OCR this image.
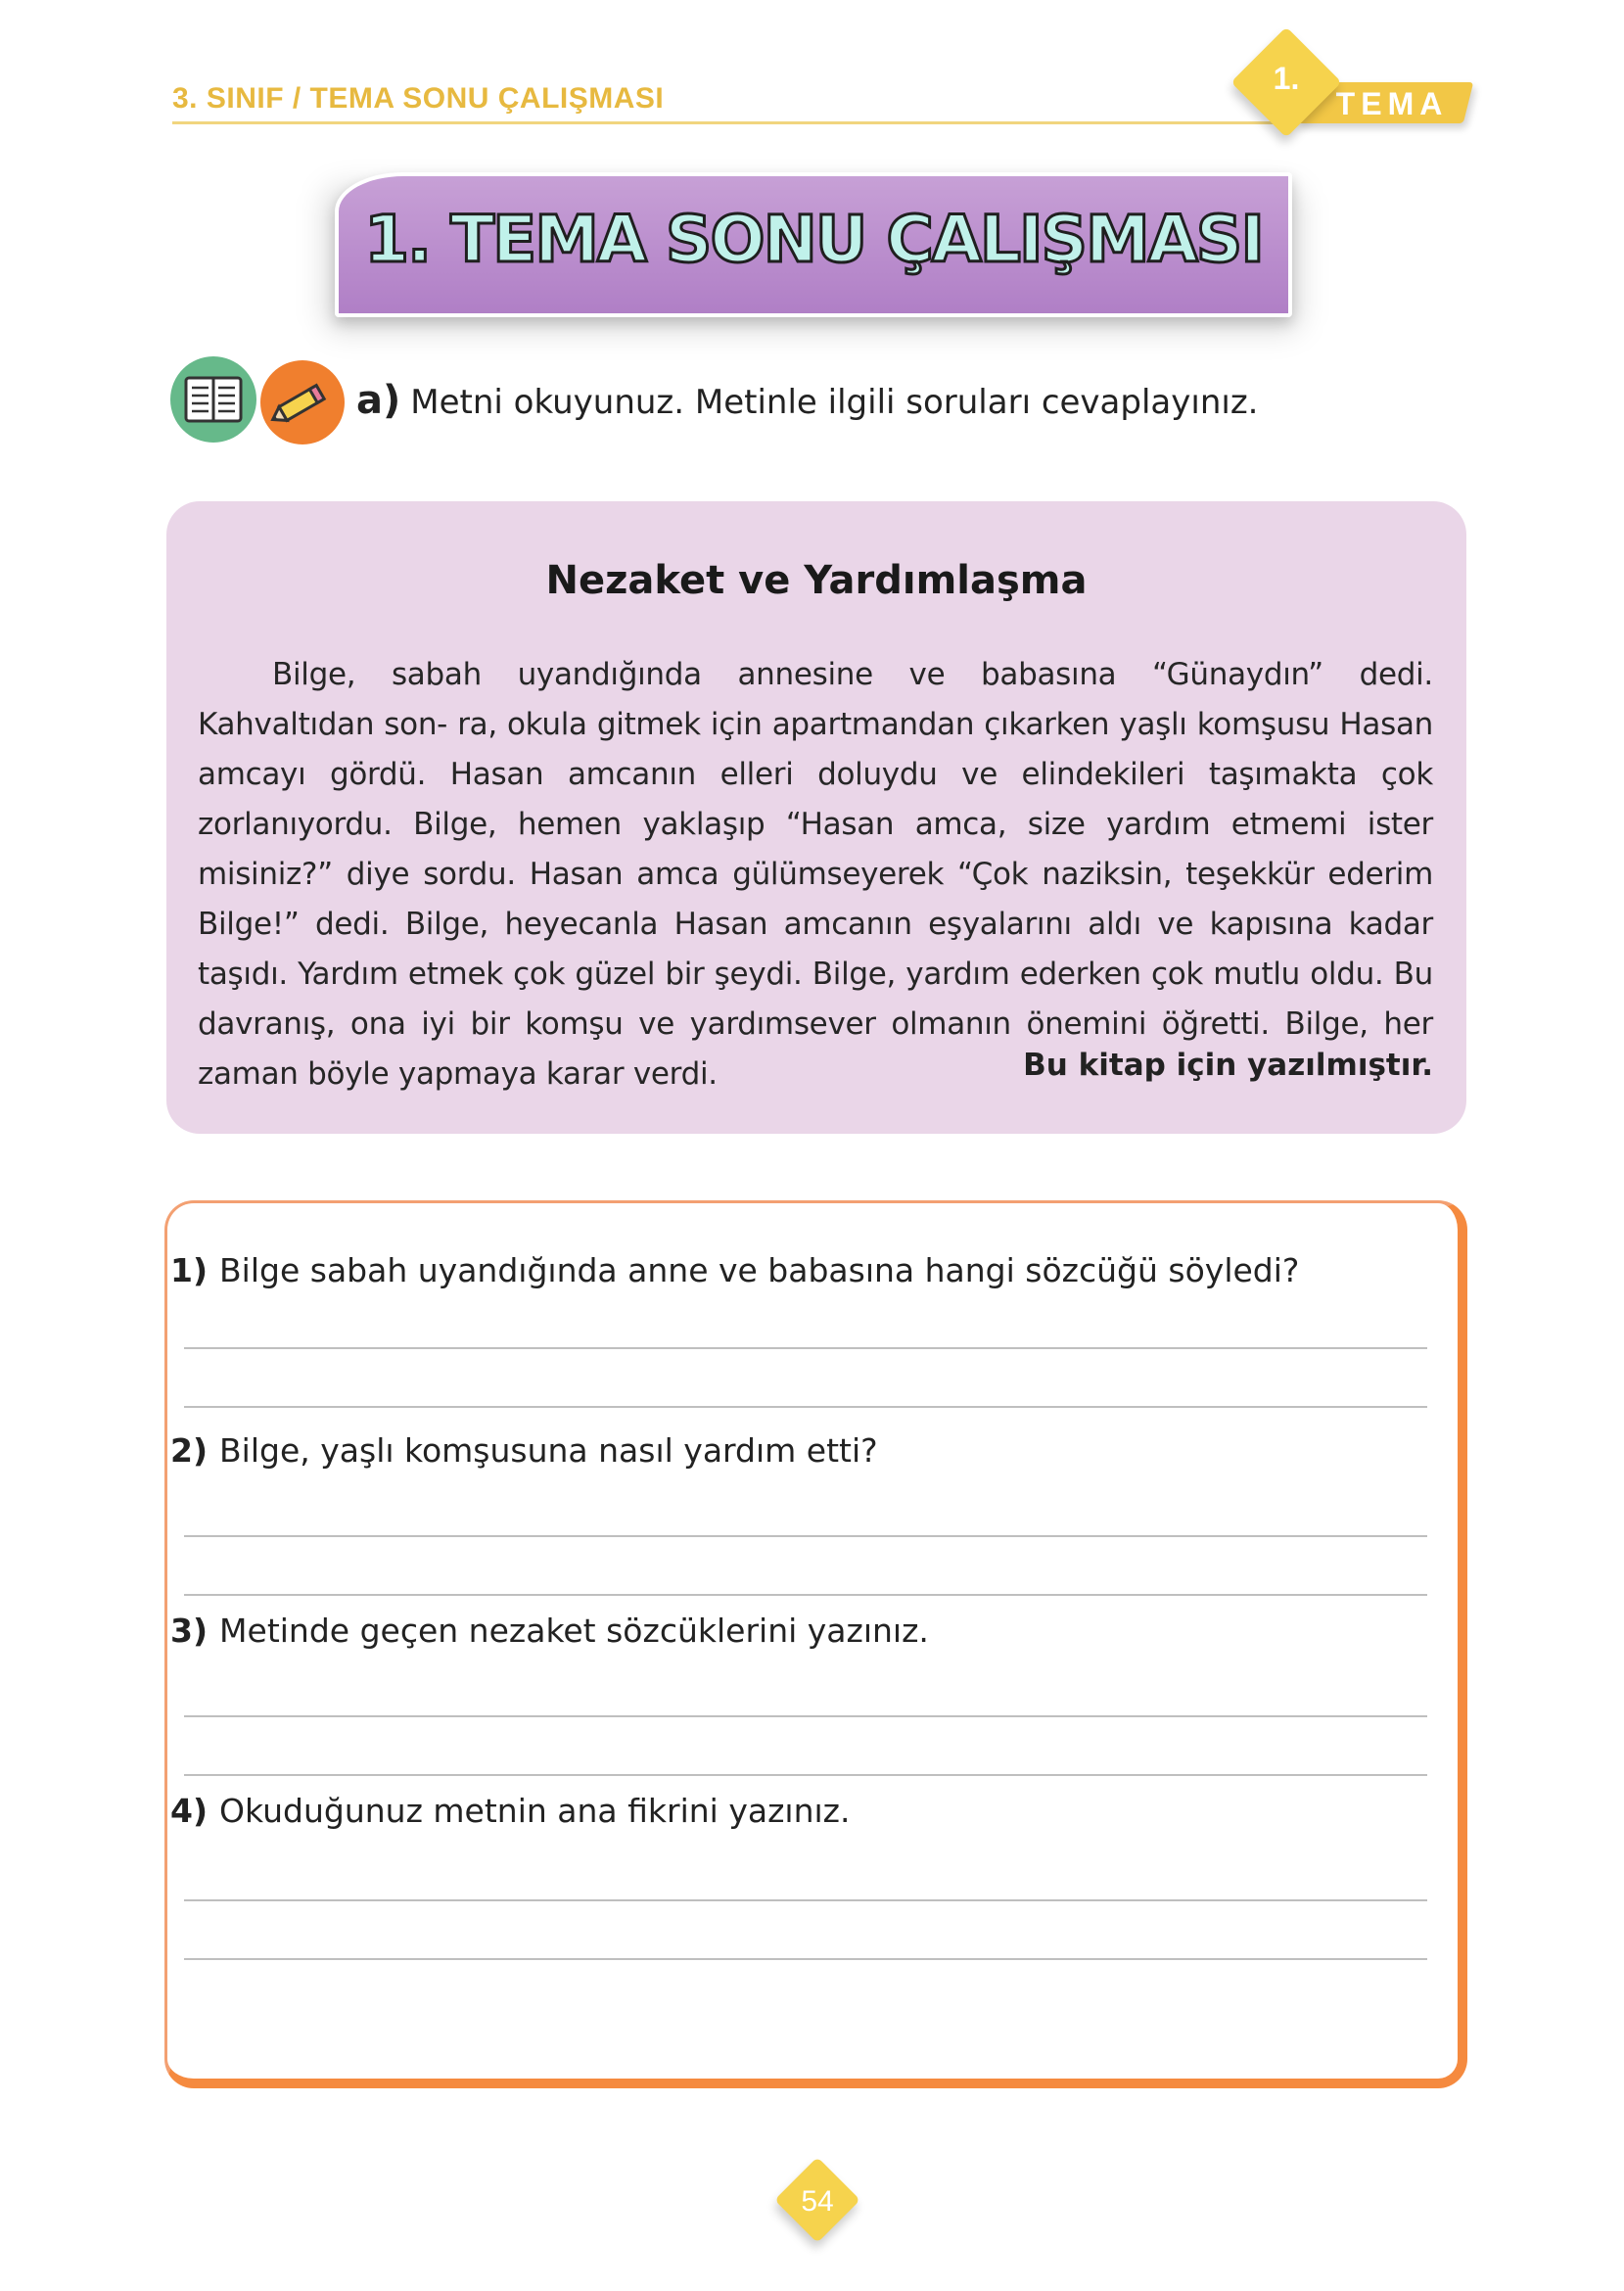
3. SINIF / TEMA SONU ÇALIŞMASI	TEMA
1.
1. TEMA SONU ÇALIŞMASI
a) Metni okuyunuz. Metinle ilgili soruları cevaplayınız.
Nezaket ve Yardımlaşma

Bilge, sabah uyandığında annesine ve babasına “Günaydın” dedi. Kahvaltıdan son- ra, okula gitmek için apartmandan çıkarken yaşlı komşusu Hasan amcayı gördü. Hasan amcanın elleri doluydu ve elindekileri taşımakta çok zorlanıyordu. Bilge, hemen yaklaşıp “Hasan amca, size yardım etmemi ister misiniz?” diye sordu. Hasan amca gülümseyerek “Çok naziksin, teşekkür ederim Bilge!” dedi. Bilge, heyecanla Hasan amcanın eşyalarını aldı ve kapısına kadar taşıdı. Yardım etmek çok güzel bir şeydi. Bilge, yardım ederken çok mutlu oldu. Bu davranış, ona iyi bir komşu ve yardımsever olmanın önemini öğretti. Bilge, her zaman böyle yapmaya karar verdi.	Bu kitap için yazılmıştır.
1) Bilge sabah uyandığında anne ve babasına hangi sözcüğü söyledi?
2) Bilge, yaşlı komşusuna nasıl yardım etti?
3) Metinde geçen nezaket sözcüklerini yazınız.
4) Okuduğunuz metnin ana fikrini yazınız.
54
